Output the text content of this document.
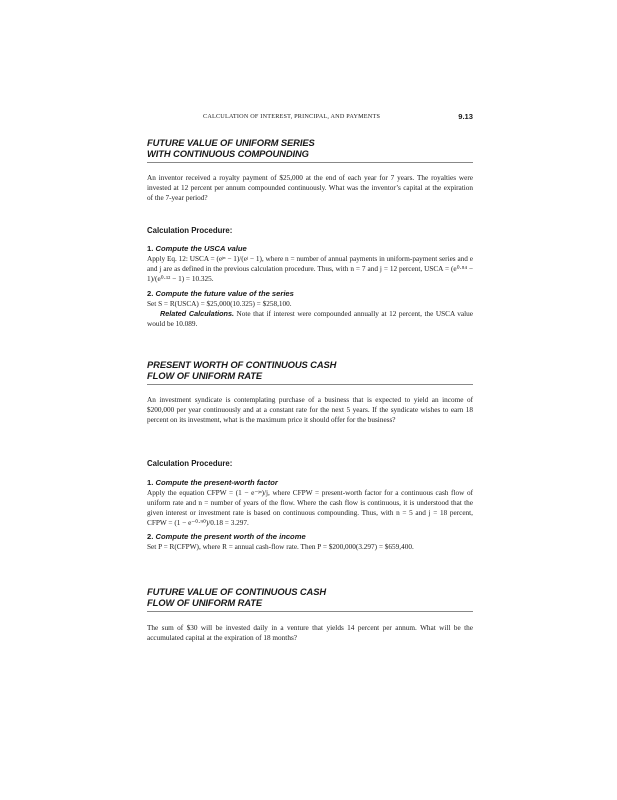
CALCULATION OF INTEREST, PRINCIPAL, AND PAYMENTS	9.13
FUTURE VALUE OF UNIFORM SERIES
WITH CONTINUOUS COMPOUNDING

An inventor received a royalty payment of $25,000 at the end of each year for 7 years. The royalties were invested at 12 percent per annum compounded continuously. What was the inventor’s capital at the expiration of the 7-year period?

Calculation Procedure:
1. Compute the USCA value

Apply Eq. 12: USCA = (eʲⁿ − 1)/(eʲ − 1), where n = number of annual payments in uniform-payment series and e and j are as defined in the previous calculation procedure. Thus, with n = 7 and j = 12 percent, USCA = (e⁰·⁸⁴ − 1)/(e⁰·¹² − 1) = 10.325.

2. Compute the future value of the series

Set S = R(USCA) = $25,000(10.325) = $258,100.

Related Calculations. Note that if interest were compounded annually at 12 percent, the USCA value would be 10.089.

PRESENT WORTH OF CONTINUOUS CASH
FLOW OF UNIFORM RATE

An investment syndicate is contemplating purchase of a business that is expected to yield an income of $200,000 per year continuously and at a constant rate for the next 5 years. If the syndicate wishes to earn 18 percent on its investment, what is the maximum price it should offer for the business?

Calculation Procedure:
1. Compute the present-worth factor

Apply the equation CFPW = (1 − e⁻ʲⁿ)/j, where CFPW = present-worth factor for a continuous cash flow of uniform rate and n = number of years of the flow. Where the cash flow is continuous, it is understood that the given interest or investment rate is based on continuous compounding. Thus, with n = 5 and j = 18 percent, CFPW = (1 − e⁻⁰·⁹⁰)/0.18 = 3.297.

2. Compute the present worth of the income

Set P = R(CFPW), where R = annual cash-flow rate. Then P = $200,000(3.297) = $659,400.

FUTURE VALUE OF CONTINUOUS CASH
FLOW OF UNIFORM RATE

The sum of $30 will be invested daily in a venture that yields 14 percent per annum. What will be the accumulated capital at the expiration of 18 months?
